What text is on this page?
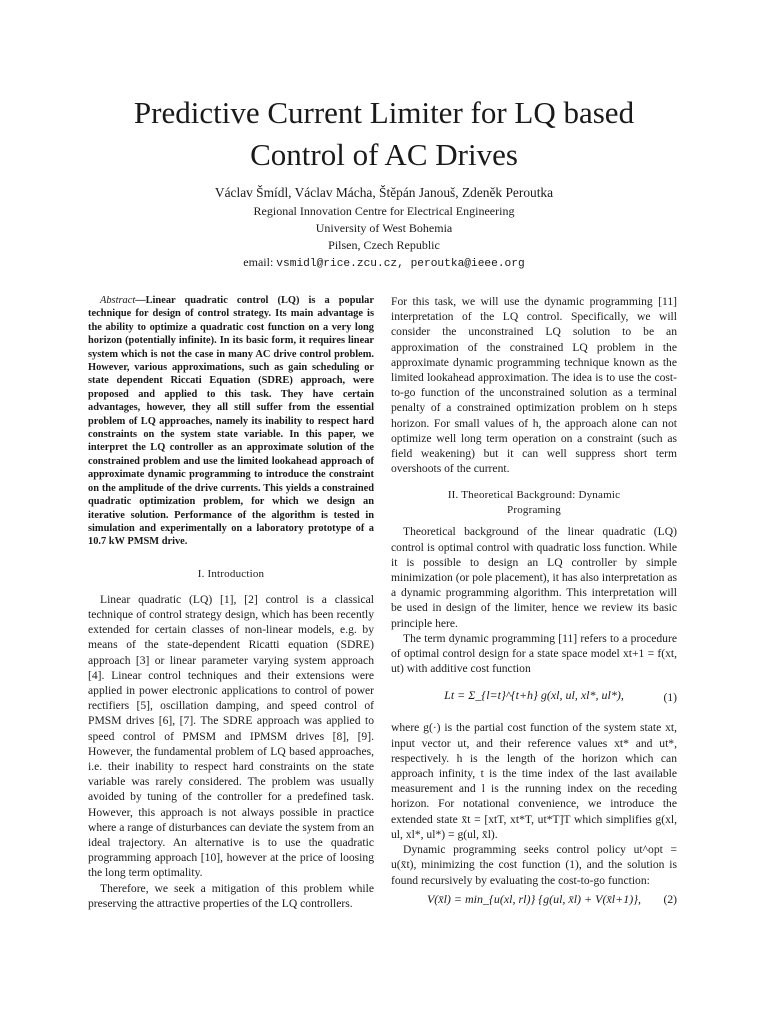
Predictive Current Limiter for LQ based
Control of AC Drives
Václav Šmídl, Václav Mácha, Štěpán Janouš, Zdeněk Peroutka
Regional Innovation Centre for Electrical Engineering
University of West Bohemia
Pilsen, Czech Republic
email: vsmidl@rice.zcu.cz, peroutka@ieee.org

Abstract—Linear quadratic control (LQ) is a popular technique for design of control strategy. Its main advantage is the ability to optimize a quadratic cost function on a very long horizon (potentially infinite). In its basic form, it requires linear system which is not the case in many AC drive control problem. However, various approximations, such as gain scheduling or state dependent Riccati Equation (SDRE) approach, were proposed and applied to this task. They have certain advantages, however, they all still suffer from the essential problem of LQ approaches, namely its inability to respect hard constraints on the system state variable. In this paper, we interpret the LQ controller as an approximate solution of the constrained problem and use the limited lookahead approach of approximate dynamic programming to introduce the constraint on the amplitude of the drive currents. This yields a constrained quadratic optimization problem, for which we design an iterative solution. Performance of the algorithm is tested in simulation and experimentally on a laboratory prototype of a 10.7 kW PMSM drive.

I. Introduction

Linear quadratic (LQ) [1], [2] control is a classical technique of control strategy design, which has been recently extended for certain classes of non-linear models, e.g. by means of the state-dependent Ricatti equation (SDRE) approach [3] or linear parameter varying system approach [4]. Linear control techniques and their extensions were applied in power electronic applications to control of power rectifiers [5], oscillation damping, and speed control of PMSM drives [6], [7]. The SDRE approach was applied to speed control of PMSM and IPMSM drives [8], [9]. However, the fundamental problem of LQ based approaches, i.e. their inability to respect hard constraints on the state variable was rarely considered. The problem was usually avoided by tuning of the controller for a predefined task. However, this approach is not always possible in practice where a range of disturbances can deviate the system from an ideal trajectory. An alternative is to use the quadratic programming approach [10], however at the price of loosing the long term optimality.

Therefore, we seek a mitigation of this problem while preserving the attractive properties of the LQ controllers.

For this task, we will use the dynamic programming [11] interpretation of the LQ control. Specifically, we will consider the unconstrained LQ solution to be an approximation of the constrained LQ problem in the approximate dynamic programming technique known as the limited lookahead approximation. The idea is to use the cost-to-go function of the unconstrained solution as a terminal penalty of a constrained optimization problem on h steps horizon. For small values of h, the approach alone can not optimize well long term operation on a constraint (such as field weakening) but it can well suppress short term overshoots of the current.

II. Theoretical Background: Dynamic
Programing

Theoretical background of the linear quadratic (LQ) control is optimal control with quadratic loss function. While it is possible to design an LQ controller by simple minimization (or pole placement), it has also interpretation as a dynamic programming algorithm. This interpretation will be used in design of the limiter, hence we review its basic principle here.

The term dynamic programming [11] refers to a procedure of optimal control design for a state space model xt+1 = f(xt, ut) with additive cost function

Lt = Σ_{l=t}^{t+h} g(xl, ul, xl*, ul*),	(1)

where g(·) is the partial cost function of the system state xt, input vector ut, and their reference values xt* and ut*, respectively. h is the length of the horizon which can approach infinity, t is the time index of the last available measurement and l is the running index on the receding horizon. For notational convenience, we introduce the extended state x̄t = [xtT, xt*T, ut*T]T which simplifies g(xl, ul, xl*, ul*) = g(ul, x̄l).

Dynamic programming seeks control policy ut^opt = u(x̄t), minimizing the cost function (1), and the solution is found recursively by evaluating the cost-to-go function:

V(x̄l) = min_{u(xl, rl)} {g(ul, x̄l) + V(x̄l+1)},	(2)
